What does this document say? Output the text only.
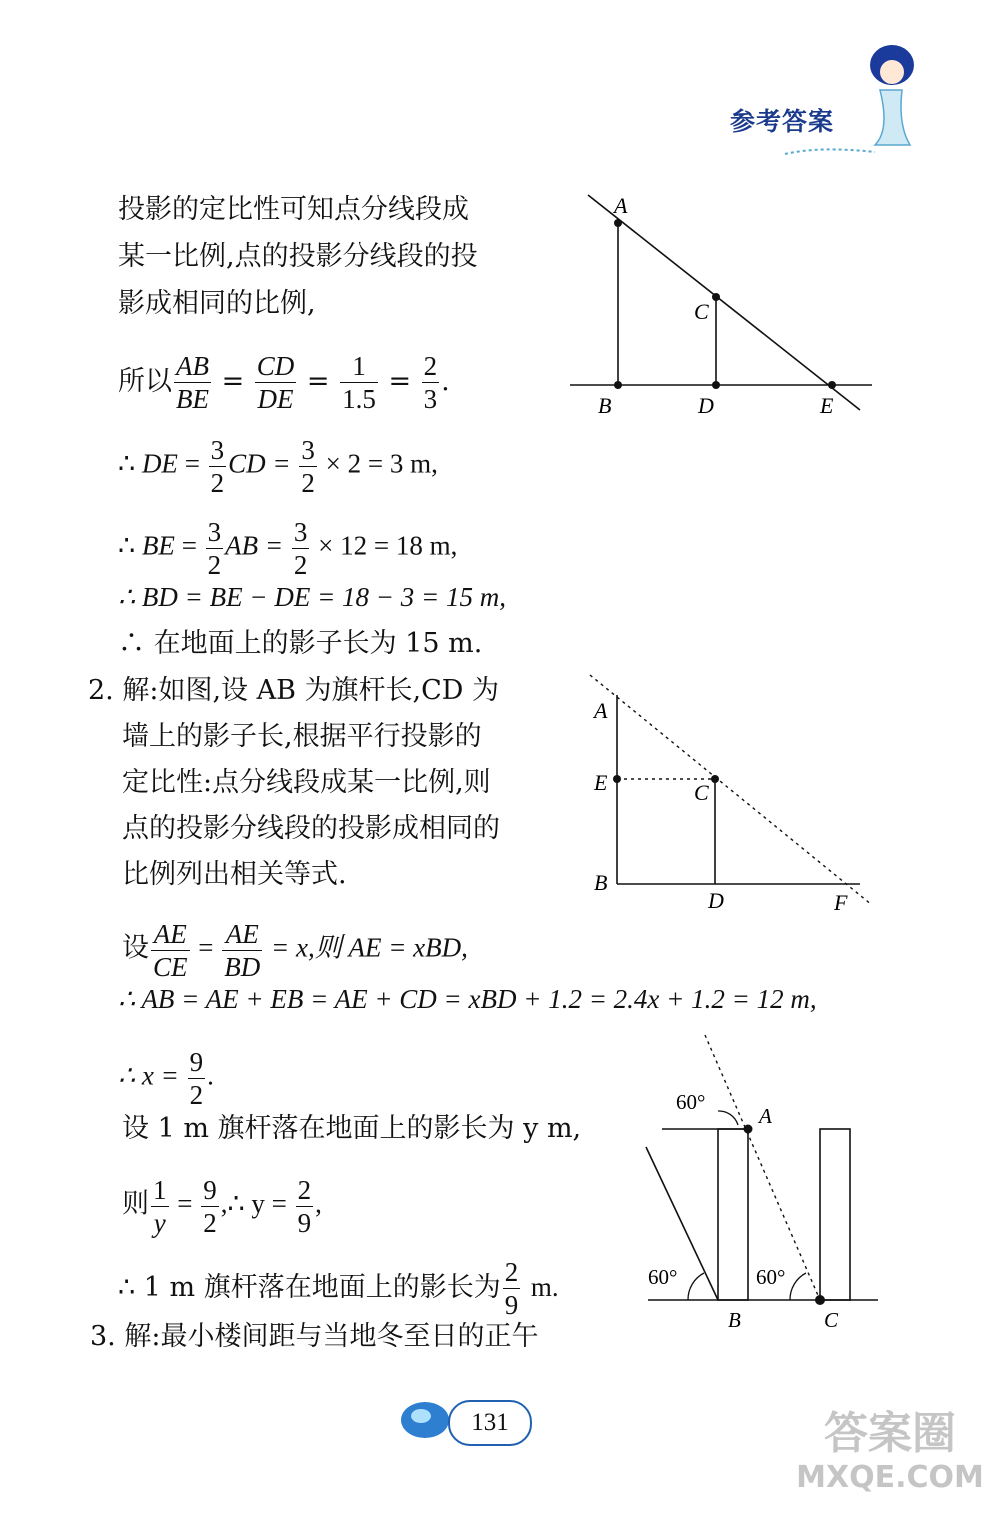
参考答案
投影的定比性可知点分线段成
某一比例,点的投影分线段的投
影成相同的比例,
所以 $\frac{AB}{BE} = \frac{CD}{DE} = \frac{1}{1.5} = \frac{2}{3}$ .
∴ DE = $\frac{3}{2}$ CD = $\frac{3}{2} \times 2 = 3$ m,
∴ BE = $\frac{3}{2}$ AB = $\frac{3}{2} \times 12 = 18$ m,
∴ BD = BE − DE = 18 − 3 = 15 m,
∴ 在地面上的影子长为 15 m.
A
C
B	D	E
2. 解:如图,设 AB 为旗杆长,CD 为
墙上的影子长,根据平行投影的
定比性:点分线段成某一比例,则
点的投影分线段的投影成相同的
比例列出相关等式.
设 $\frac{AE}{CE} = \frac{AE}{BD} = x$,则 AE = xBD,
∴ AB = AE + EB = AE + CD = xBD + 1.2 = 2.4x + 1.2 = 12 m,
∴ $x = \frac{9}{2}$ .
设 1 m 旗杆落在地面上的影长为 y m,
则 $\frac{1}{y} = \frac{9}{2}$ ,∴ $y = \frac{2}{9}$ ,
∴ 1 m 旗杆落在地面上的影长为 $\frac{2}{9} m$.
3. 解:最小楼间距与当地冬至日的正午
A
E	C
B
D	F
60°
A
60°	60°
B	C
131	答案圈
MXQE.COM
